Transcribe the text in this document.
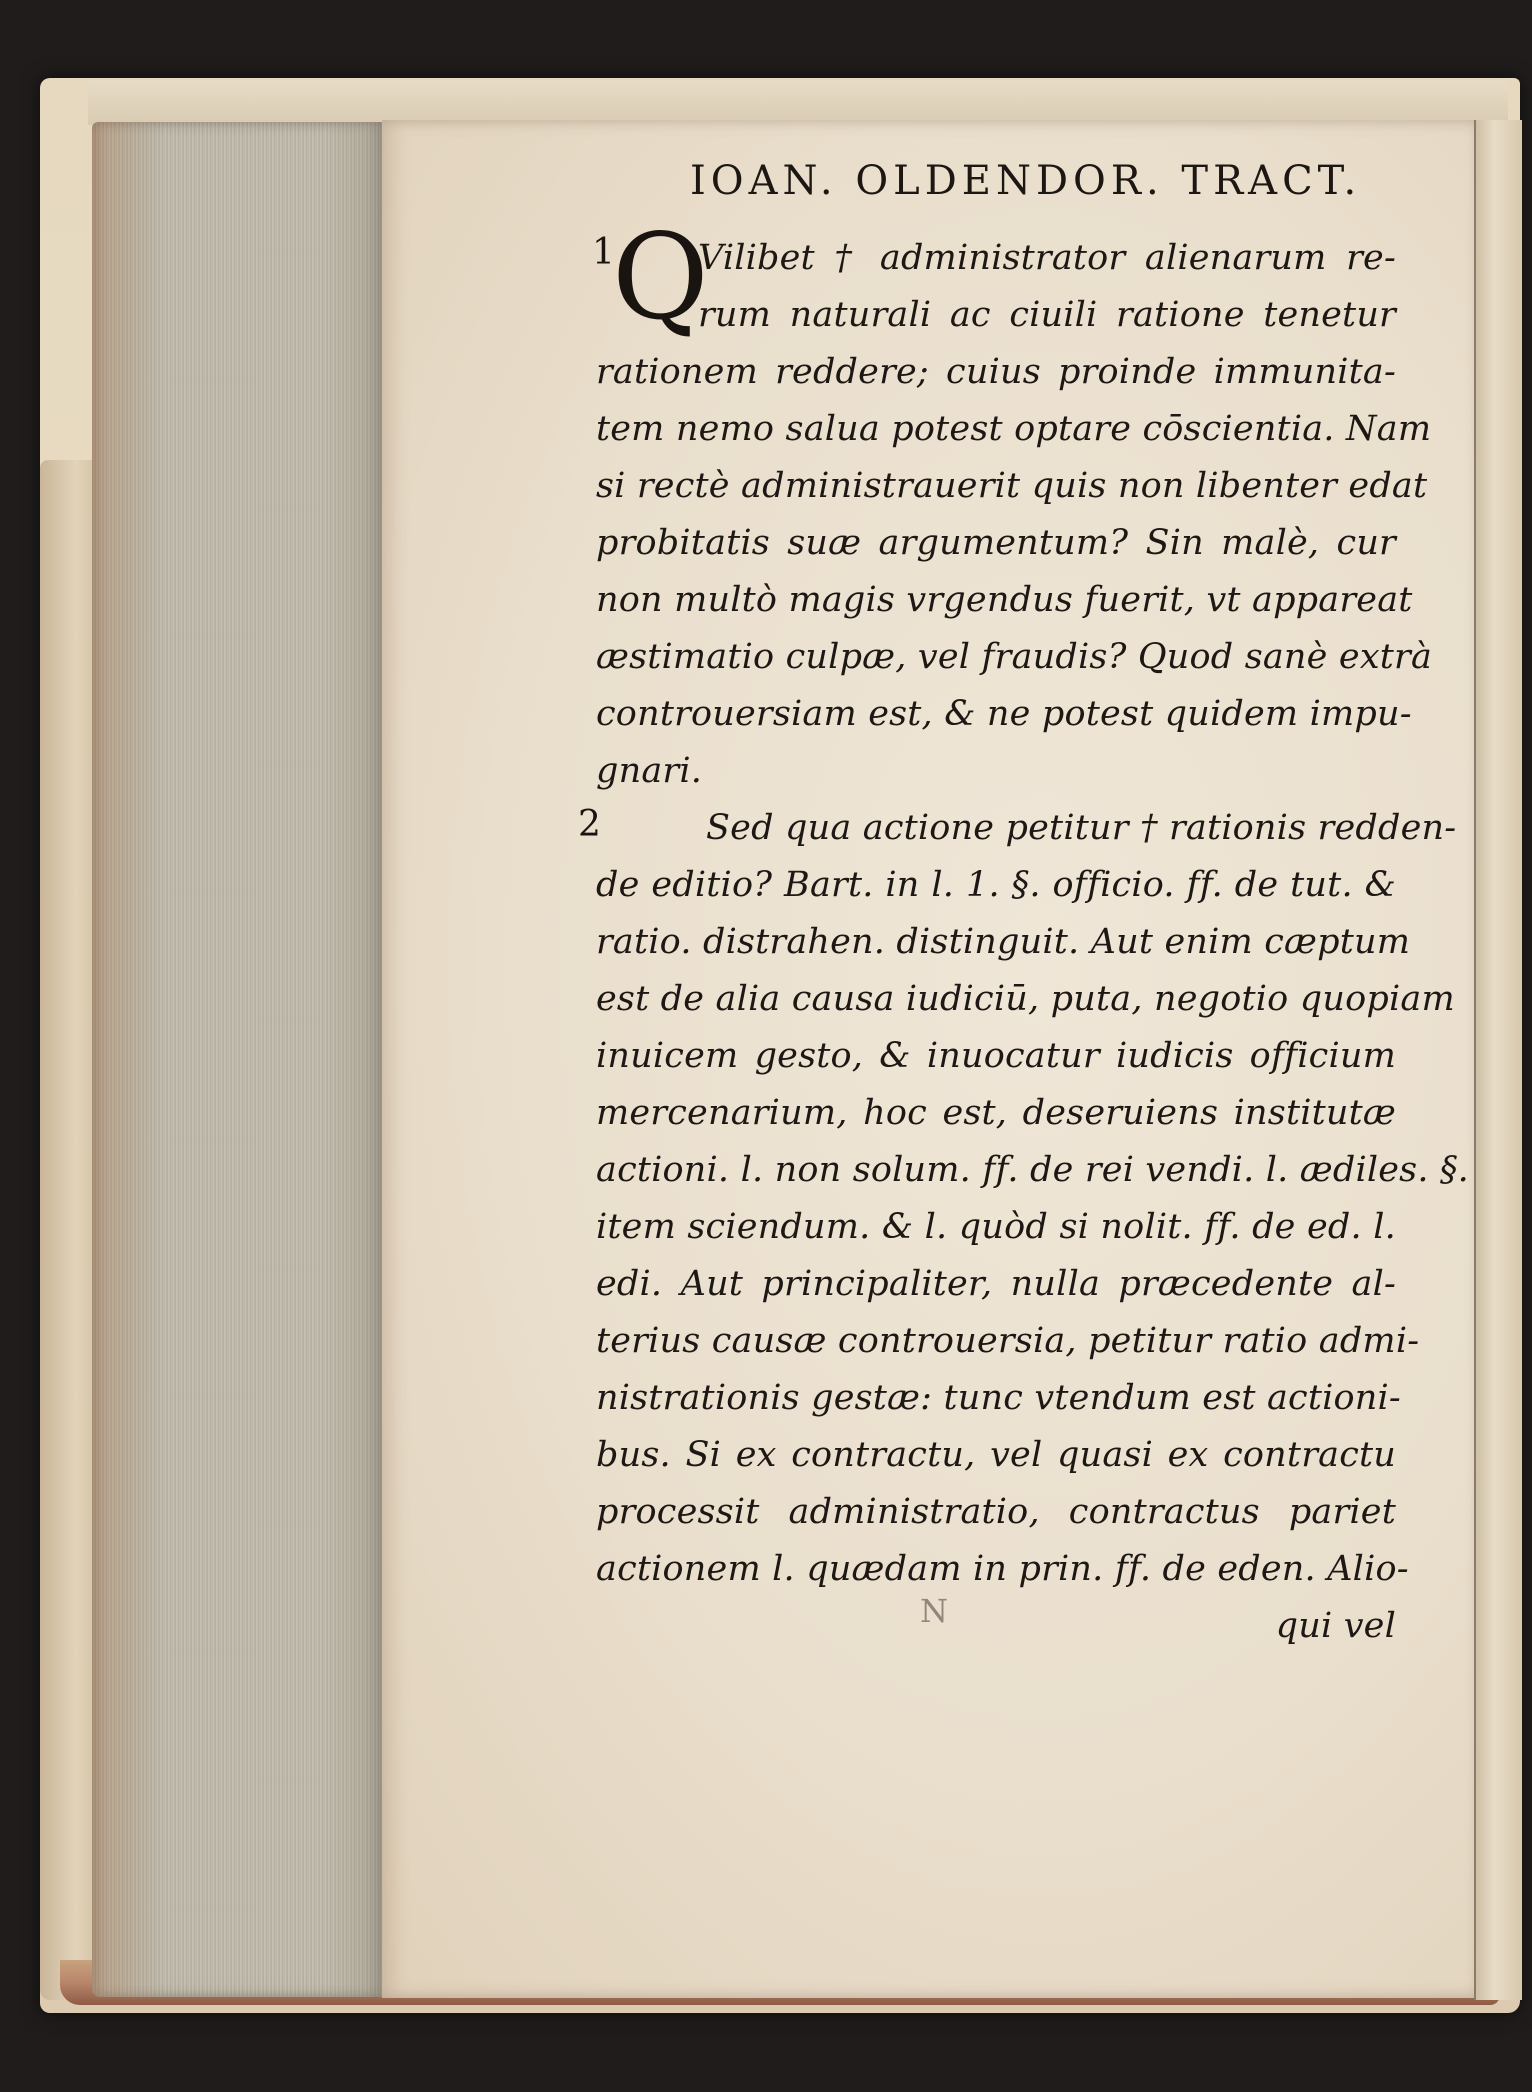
IOAN. OLDENDOR. TRACT.
1
Q
Vilibet † administrator alienarum re-
rum naturali ac ciuili ratione tenetur
rationem reddere; cuius proinde immunita-
tem nemo salua potest optare cōscientia. Nam
si rectè administrauerit quis non libenter edat
probitatis suæ argumentum? Sin malè, cur
non multò magis vrgendus fuerit, vt appareat
æstimatio culpæ, vel fraudis? Quod sanè extrà
controuersiam est, & ne potest quidem impu-
gnari.
Sed qua actione petitur † rationis redden-
de editio? Bart. in l. 1. §. officio. ff. de tut. &
ratio. distrahen. distinguit. Aut enim cæptum
est de alia causa iudiciū, puta, negotio quopiam
inuicem gesto, & inuocatur iudicis officium
mercenarium, hoc est, deseruiens institutæ
actioni. l. non solum. ff. de rei vendi. l. ædiles. §.
item sciendum. & l. quòd si nolit. ff. de ed. l.
edi. Aut principaliter, nulla præcedente al-
terius causæ controuersia, petitur ratio admi-
nistrationis gestæ: tunc vtendum est actioni-
bus. Si ex contractu, vel quasi ex contractu
processit administratio, contractus pariet
actionem l. quædam in prin. ff. de eden. Alio-
qui vel
2
N
